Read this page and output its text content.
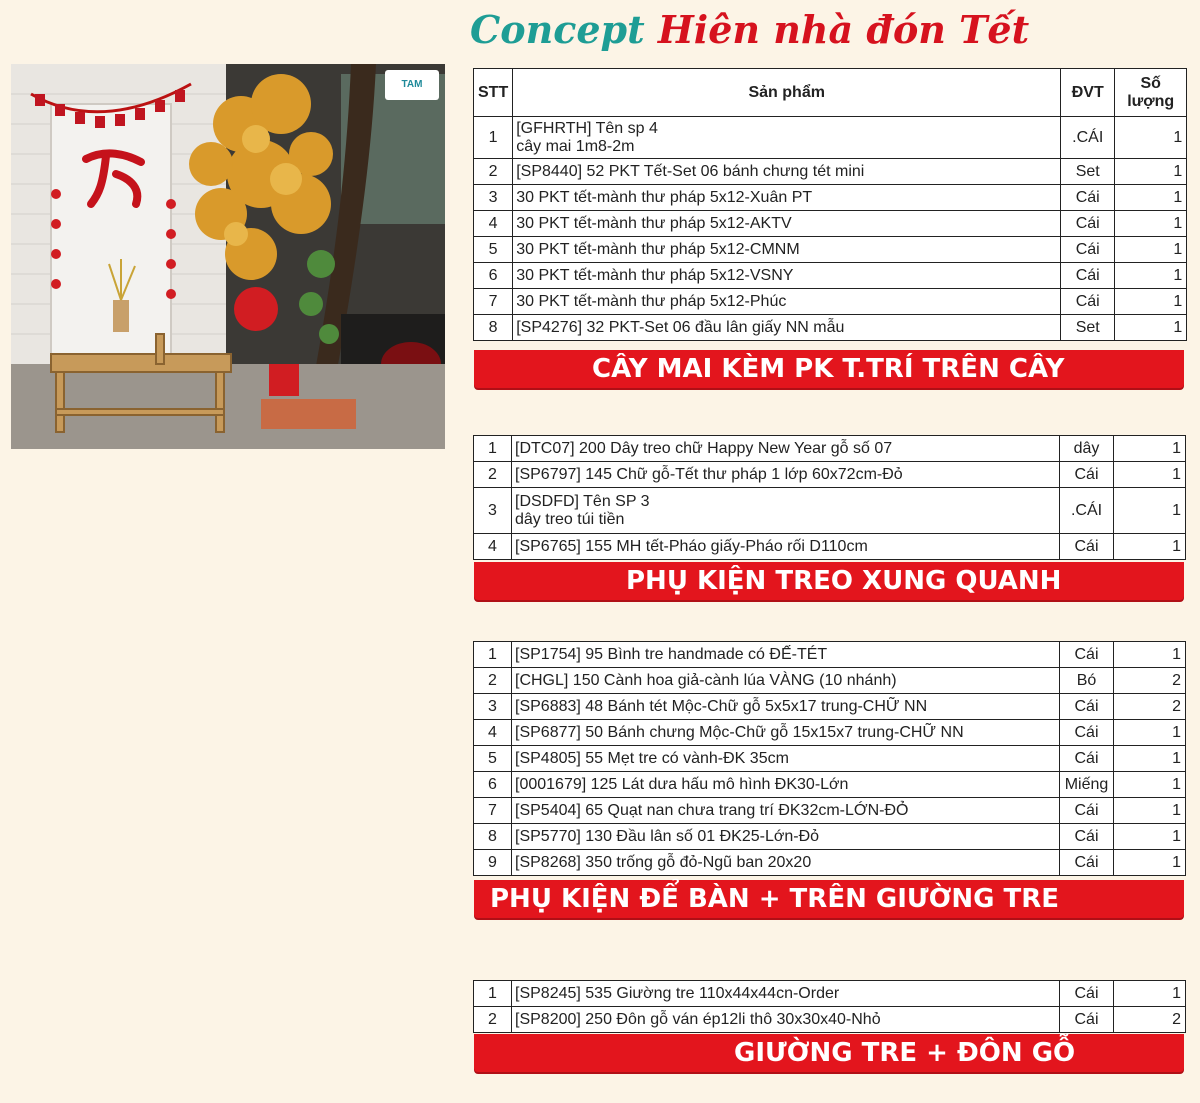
Concept Hiên nhà đón Tết
TAM	STT	Sản phẩm	ĐVT	Số
lượng
1	[GFHRTH] Tên sp 4
cây mai 1m8-2m	.CÁI	1
2	[SP8440] 52 PKT Tết-Set 06 bánh chưng tét mini	Set	1
3	30 PKT tết-mành thư pháp 5x12-Xuân PT	Cái	1
4	30 PKT tết-mành thư pháp 5x12-AKTV	Cái	1
5	30 PKT tết-mành thư pháp 5x12-CMNM	Cái	1
6	30 PKT tết-mành thư pháp 5x12-VSNY	Cái	1
7	30 PKT tết-mành thư pháp 5x12-Phúc	Cái	1
8	[SP4276] 32 PKT-Set 06 đầu lân giấy NN mẫu	Set	1
CÂY MAI KÈM PK T.TRÍ TRÊN CÂY
1	[DTC07] 200 Dây treo chữ Happy New Year gỗ số 07	dây	1
2	[SP6797] 145 Chữ gỗ-Tết thư pháp 1 lớp 60x72cm-Đỏ	Cái	1
3	[DSDFD] Tên SP 3
dây treo túi tiền	.CÁI	1
4	[SP6765] 155 MH tết-Pháo giấy-Pháo rối D110cm	Cái	1
PHỤ KIỆN TREO XUNG QUANH
1	[SP1754] 95 Bình tre handmade có ĐẾ-TÉT	Cái	1
2	[CHGL] 150 Cành hoa giả-cành lúa VÀNG (10 nhánh)	Bó	2
3	[SP6883] 48 Bánh tét Mộc-Chữ gỗ 5x5x17 trung-CHỮ NN	Cái	2
4	[SP6877] 50 Bánh chưng Mộc-Chữ gỗ 15x15x7 trung-CHỮ NN	Cái	1
5	[SP4805] 55 Mẹt tre có vành-ĐK 35cm	Cái	1
6	[0001679] 125 Lát dưa hấu mô hình ĐK30-Lớn	Miếng	1
7	[SP5404] 65 Quạt nan chưa trang trí ĐK32cm-LỚN-ĐỎ	Cái	1
8	[SP5770] 130 Đầu lân số 01 ĐK25-Lớn-Đỏ	Cái	1
9	[SP8268] 350 trống gỗ đỏ-Ngũ ban 20x20	Cái	1
PHỤ KIỆN ĐỂ BÀN + TRÊN GIƯỜNG TRE
1	[SP8245] 535 Giường tre 110x44x44cn-Order	Cái	1
2	[SP8200] 250 Đôn gỗ ván ép12li thô 30x30x40-Nhỏ	Cái	2
GIƯỜNG TRE + ĐÔN GỖ
